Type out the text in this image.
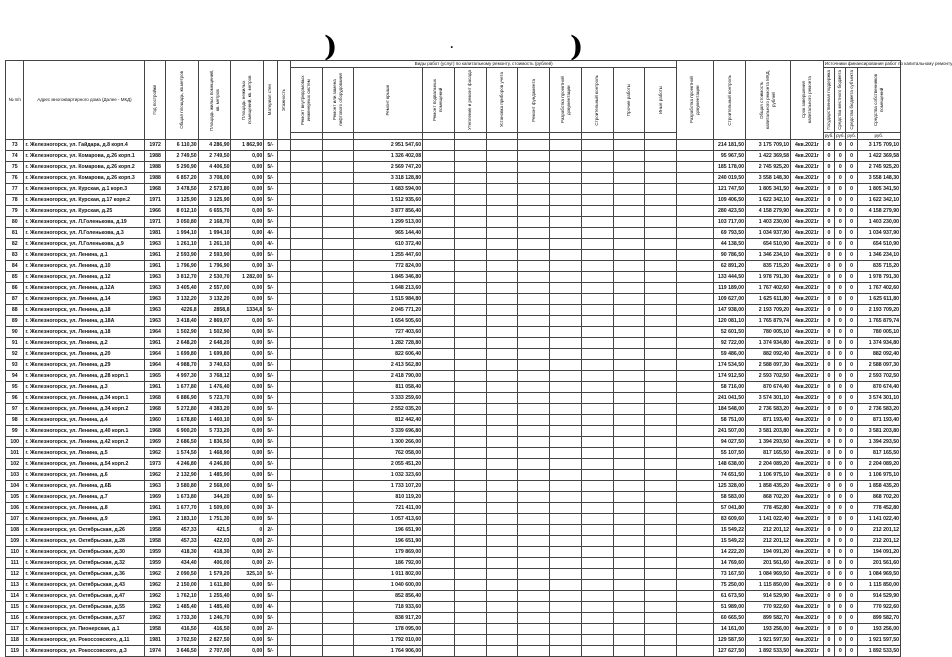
)	.	)
№ п/п	Адрес многоквартирного дома (Далее - МКД)	Год постройки	Общая площадь, кв.метров	Площадь жилых помещений, кв. метров	Площадь нежилых помещений, кв. метров	Материал стен	Этажность	Виды работ (услуг) по капитальному ремонту, стоимость (рублей)											Разработка проектной документации	Строительный контроль	Общая стоимость капитального ремонта МКД, рублей	Срок завершения капитального ремонта	Источники финансирования работ по капитальному ремонту			

								Ремонт внутридомовых инженерных систем	Ремонт или замена лифтового оборудования	Ремонт крыши	Ремонт подвальных помещений	Утепление и ремонт фасада	Установка приборов учета	Ремонт фундамента	Разработка проектной документации	Строительный контроль	Прочие работы	Иные работы					Государственная поддержка	Средства местного бюджета	Средства бюджета субъекта	Средства собственников помещений

																							руб.	руб.	руб.	руб.
73	г. Железногорск, ул. Гайдара, д.8 корп.4	1972	6 110,30	4 286,90	1 862,90	5/-				2 951 547,60										214 181,50	3 175 709,10	4кв.2021г	0	0	0	3 175 709,10
74	г. Железногорск, ул. Комарова, д.26 корп.1	1988	2 749,50	2 749,50	0,00	5/-				1 326 402,08										95 967,50	1 422 369,58	4кв.2021г	0	0	0	1 422 369,58
75	г. Железногорск, ул. Комарова, д.26 корп.2	1988	5 290,90	4 406,50	0,00	5/-				2 569 747,20										185 178,00	2 745 925,20	4кв.2021г	0	0	0	2 745 925,20
76	г. Железногорск, ул. Комарова, д.26 корп.3	1988	6 857,20	3 708,00	0,00	5/-				3 318 128,80										240 019,50	3 558 148,30	4кв.2021г	0	0	0	3 558 148,30
77	г. Железногорск, ул. Курская, д.1 корп.3	1968	3 478,50	2 573,80	0,00	5/-				1 683 594,00										121 747,50	1 805 341,50	4кв.2021г	0	0	0	1 805 341,50
78	г. Железногорск, ул. Курская, д.17 корп.2	1971	3 125,90	3 125,90	0,00	5/-				1 512 935,60										109 406,50	1 622 342,10	4кв.2021г	0	0	0	1 622 342,10
79	г. Железногорск, ул. Курская, д.25	1966	8 012,10	6 655,70	0,00	5/-				3 877 856,40										280 423,50	4 158 279,90	4кв.2021г	0	0	0	4 158 279,90
80	г. Железногорск, ул. Л.Голенькова, д.19	1971	3 050,80	2 168,70	0,00	5/-				1 299 513,00										103 717,00	1 403 230,00	4кв.2021г	0	0	0	1 403 230,00
81	г. Железногорск, ул. Л.Голенькова, д.3	1981	1 994,10	1 994,10	0,00	4/-				965 144,40										69 793,50	1 034 937,90	4кв.2021г	0	0	0	1 034 937,90
82	г. Железногорск, ул. Л.Голенькова, д.9	1963	1 261,10	1 261,10	0,00	4/-				610 372,40										44 138,50	654 510,90	4кв.2021г	0	0	0	654 510,90
83	г. Железногорск, ул. Ленина, д.1	1961	2 593,90	2 593,90	0,00	5/-				1 255 447,60										90 786,50	1 346 234,10	4кв.2021г	0	0	0	1 346 234,10
84	г. Железногорск, ул. Ленина, д.10	1961	1 796,90	1 796,90	0,00	3/-				772 824,00										62 891,20	835 715,20	4кв.2021г	0	0	0	835 715,20
85	г. Железногорск, ул. Ленина, д.12	1963	3 812,70	2 530,70	1 282,00	5/-				1 845 346,80										133 444,50	1 978 791,30	4кв.2021г	0	0	0	1 978 791,30
86	г. Железногорск, ул. Ленина, д.12А	1963	3 405,40	2 557,00	0,00	5/-				1 648 213,60										119 189,00	1 767 402,60	4кв.2021г	0	0	0	1 767 402,60
87	г. Железногорск, ул. Ленина, д.14	1963	3 132,20	3 132,20	0,00	5/-				1 515 984,80										109 627,00	1 625 611,80	4кв.2021г	0	0	0	1 625 611,80
88	г. Железногорск, ул. Ленина, д.18	1963	4226,8	2858,8	1334,8	5/-				2 045 771,20										147 938,00	2 193 709,20	4кв.2021г	0	0	0	2 193 709,20
89	г. Железногорск, ул. Ленина, д.18А	1963	3 418,40	2 869,07	0,00	5/-				1 654 505,60										120 081,10	1 765 879,74	4кв.2021г	0	0	0	1 765 879,74
90	г. Железногорск, ул. Ленина, д.18	1964	1 502,90	1 502,90	0,00	5/-				727 403,60										52 601,50	780 005,10	4кв.2021г	0	0	0	780 005,10
91	г. Железногорск, ул. Ленина, д.2	1961	2 648,20	2 648,20	0,00	5/-				1 282 728,80										92 722,00	1 374 934,80	4кв.2021г	0	0	0	1 374 934,80
92	г. Железногорск, ул. Ленина, д.20	1964	1 699,80	1 699,80	0,00	5/-				822 606,40										59 486,00	882 092,40	4кв.2021г	0	0	0	882 092,40
93	г. Железногорск, ул. Ленина, д.29	1964	4 988,70	3 740,63	0,00	5/-				2 413 562,80										174 534,50	2 588 097,30	4кв.2021г	0	0	0	2 588 097,30
94	г. Железногорск, ул. Ленина, д.28 корп.1	1965	4 997,30	3 768,12	0,00	5/-				2 418 790,00										174 912,50	2 593 702,50	4кв.2021г	0	0	0	2 593 702,50
95	г. Железногорск, ул. Ленина, д.3	1961	1 677,80	1 476,40	0,00	5/-				811 058,40										58 716,00	870 674,40	4кв.2021г	0	0	0	870 674,40
96	г. Железногорск, ул. Ленина, д.34 корп.1	1968	6 886,90	5 723,70	0,00	5/-				3 333 259,60										241 041,50	3 574 301,10	4кв.2021г	0	0	0	3 574 301,10
97	г. Железногорск, ул. Ленина, д.34 корп.2	1968	5 272,80	4 383,20	0,00	5/-				2 552 035,20										184 548,00	2 736 583,20	4кв.2021г	0	0	0	2 736 583,20
98	г. Железногорск, ул. Ленина, д.4	1960	1 678,80	1 460,10	0,00	5/-				812 442,40										58 751,00	871 193,40	4кв.2021г	0	0	0	871 193,40
99	г. Железногорск, ул. Ленина, д.40 корп.1	1968	6 900,20	5 733,20	0,00	5/-				3 339 696,80										241 507,00	3 581 203,80	4кв.2021г	0	0	0	3 581 203,80
100	г. Железногорск, ул. Ленина, д.42 корп.2	1969	2 686,50	1 836,50	0,00	5/-				1 300 266,00										94 027,50	1 394 293,50	4кв.2021г	0	0	0	1 394 293,50
101	г. Железногорск, ул. Ленина, д.5	1962	1 574,50	1 468,90	0,00	5/-				762 058,00										55 107,50	817 165,50	4кв.2021г	0	0	0	817 165,50
102	г. Железногорск, ул. Ленина, д.54 корп.2	1973	4 246,80	4 246,80	0,00	5/-				2 055 451,20										148 638,00	2 204 089,20	4кв.2021г	0	0	0	2 204 089,20
103	г. Железногорск, ул. Ленина, д.6	1962	2 132,90	1 485,90	0,00	5/-				1 032 323,60										74 651,50	1 106 975,10	4кв.2021г	0	0	0	1 106 975,10
104	г. Железногорск, ул. Ленина, д.6Б	1963	3 580,80	2 568,00	0,00	5/-				1 733 107,20										125 328,00	1 858 435,20	4кв.2021г	0	0	0	1 858 435,20
105	г. Железногорск, ул. Ленина, д.7	1969	1 673,80	344,20	0,00	5/-				810 119,20										58 583,00	868 702,20	4кв.2021г	0	0	0	868 702,20
106	г. Железногорск, ул. Ленина, д.8	1961	1 677,70	1 509,00	0,00	3/-				721 411,00										57 041,80	778 452,80	4кв.2021г	0	0	0	778 452,80
107	г. Железногорск, ул. Ленина, д.9	1961	2 183,10	1 751,30	0,00	5/-				1 057 413,60										83 609,60	1 141 022,40	4кв.2021г	0	0	0	1 141 022,40
108	г. Железногорск, ул. Октябрьская, д.26	1958	457,33	421,5	0	2/-				196 651,90										15 549,22	212 201,12	4кв.2021г	0	0	0	212 201,12
109	г. Железногорск, ул. Октябрьская, д.28	1958	457,33	422,03	0,00	2/-				196 651,90										15 549,22	212 201,12	4кв.2021г	0	0	0	212 201,12
110	г. Железногорск, ул. Октябрьская, д.30	1959	418,30	418,30	0,00	2/-				179 869,00										14 222,20	194 091,20	4кв.2021г	0	0	0	194 091,20
111	г. Железногорск, ул. Октябрьская, д.32	1959	434,40	406,00	0,00	2/-				186 792,00										14 769,60	201 561,60	4кв.2021г	0	0	0	201 561,60
112	г. Железногорск, ул. Октябрьская, д.36	1962	2 090,50	1 579,20	325,10	5/-				1 011 802,00										73 167,50	1 084 969,50	4кв.2021г	0	0	0	1 084 969,50
113	г. Железногорск, ул. Октябрьская, д.43	1962	2 150,00	1 611,80	0,00	5/-				1 040 600,00										75 250,00	1 115 850,00	4кв.2021г	0	0	0	1 115 850,00
114	г. Железногорск, ул. Октябрьская, д.47	1962	1 762,10	1 255,40	0,00	5/-				852 856,40										61 673,50	914 529,90	4кв.2021г	0	0	0	914 529,90
115	г. Железногорск, ул. Октябрьская, д.55	1962	1 485,40	1 485,40	0,00	4/-				718 933,60										51 989,00	770 922,60	4кв.2021г	0	0	0	770 922,60
116	г. Железногорск, ул. Октябрьская, д.57	1962	1 733,30	1 246,70	0,00	5/-				838 917,20										60 665,50	899 582,70	4кв.2021г	0	0	0	899 582,70
117	г. Железногорск, ул. Пионерская, д.1	1958	416,50	416,50	0,00	2/-				178 095,00										14 161,00	193 256,00	4кв.2021г	0	0	0	193 256,00
118	г. Железногорск, ул. Рокоссовского, д.11	1981	3 702,50	2 827,50	0,00	5/-				1 792 010,00										129 587,50	1 921 597,50	4кв.2021г	0	0	0	1 921 597,50
119	г. Железногорск, ул. Рокоссовского, д.3	1974	3 646,50	2 707,00	0,00	5/-				1 764 906,00										127 627,50	1 892 533,50	4кв.2021г	0	0	0	1 892 533,50
